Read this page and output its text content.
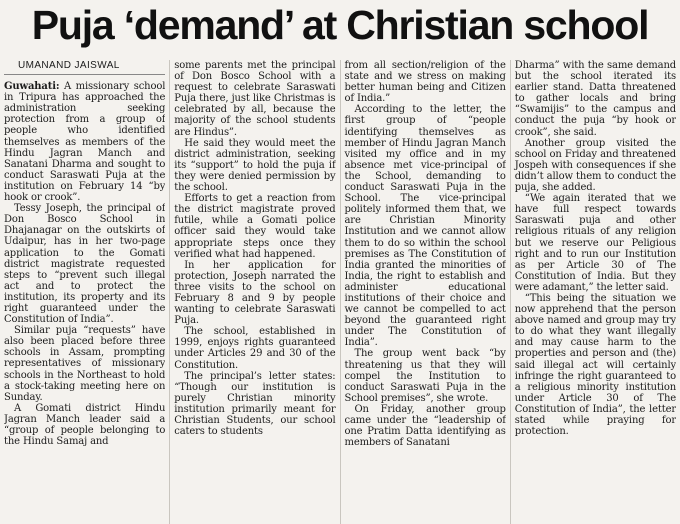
Puja ‘demand’ at Christian school
UMANAND JAISWAL

Guwahati: A missionary school in Tripura has approached the administration seeking protection from a group of people who identified themselves as members of the Hindu Jagran Manch and Sanatani Dharma and sought to conduct Saraswati Puja at the institution on February 14 “by hook or crook”.

Tessy Joseph, the principal of Don Bosco School in Dhajanagar on the outskirts of Udaipur, has in her two-page application to the Gomati district magistrate requested steps to “prevent such illegal act and to protect the institution, its property and its right guaranteed under the Constitution of India”.

Similar puja “requests” have also been placed before three schools in Assam, prompting representatives of missionary schools in the Northeast to hold a stock-taking meeting here on Sunday.

A Gomati district Hindu Jagran Manch leader said a “group of people belonging to the Hindu Samaj and

some parents met the principal of Don Bosco School with a request to celebrate Saraswati Puja there, just like Christmas is celebrated by all, because the majority of the school students are Hindus”.

He said they would meet the district administration, seeking its “support” to hold the puja if they were denied permission by the school.

Efforts to get a reaction from the district magistrate proved futile, while a Gomati police officer said they would take appropriate steps once they verified what had happened.

In her application for protection, Joseph narrated the three visits to the school on February 8 and 9 by people wanting to celebrate Saraswati Puja.

The school, established in 1999, enjoys rights guaranteed under Articles 29 and 30 of the Constitution.

The principal’s letter states: “Though our institution is purely Christian minority institution primarily meant for Christian Students, our school caters to students

from all section/religion of the state and we stress on making better human being and Citizen of India.”

According to the letter, the first group of “people identifying themselves as member of Hindu Jagran Manch visited my office and in my absence met vice-principal of the School, demanding to conduct Saraswati Puja in the School. The vice-principal politely informed them that, we are Christian Minority Institution and we cannot allow them to do so within the school premises as The Constitution of India granted the minorities of India, the right to establish and administer educational institutions of their choice and we cannot be compelled to act beyond the guaranteed right under The Constitution of India”.

The group went back “by threatening us that they will compel the Institution to conduct Saraswati Puja in the School premises”, she wrote.

On Friday, another group came under the “leadership of one Pratim Datta identifying as members of Sanatani

Dharma” with the same demand but the school iterated its earlier stand. Datta threatened to gather locals and bring “Swamijis” to the campus and conduct the puja “by hook or crook”, she said.

Another group visited the school on Friday and threatened Jospeh with consequences if she didn’t allow them to conduct the puja, she added.

“We again iterated that we have full respect towards Saraswati puja and other religious rituals of any religion but we reserve our Peligious right and to run our Institution as per Article 30 of The Constitution of India. But they were adamant,” the letter said.

“This being the situation we now apprehend that the person above named and group may try to do what they want illegally and may cause harm to the properties and person and (the) said illegal act will certainly infringe the right guaranteed to a religious minority institution under Article 30 of The Constitution of India”, the letter stated while praying for protection.
